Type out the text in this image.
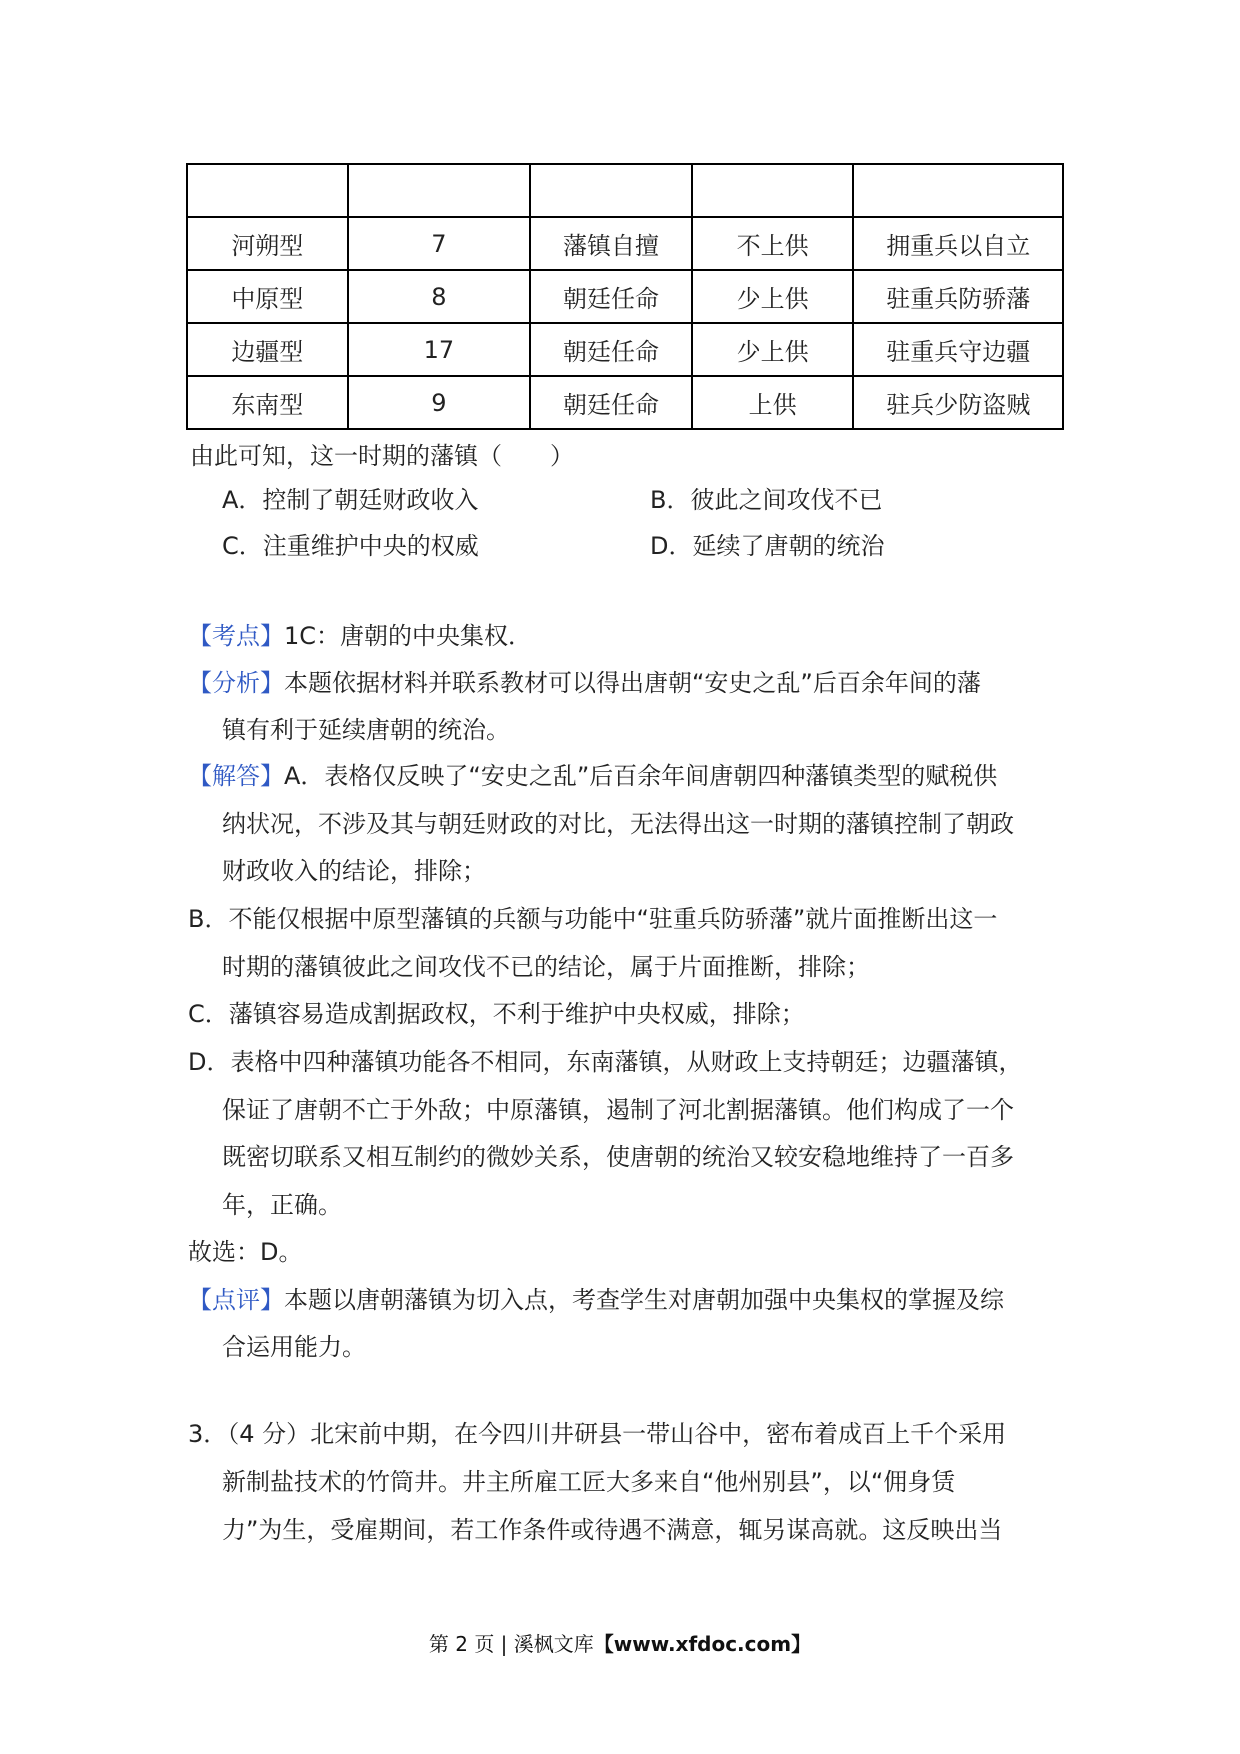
河朔型	7	藩镇自擅	不上供	拥重兵以自立
中原型	8	朝廷任命	少上供	驻重兵防骄藩
边疆型	17	朝廷任命	少上供	驻重兵守边疆
东南型	9	朝廷任命	上供	驻兵少防盗贼
由此可知，这一时期的藩镇（　　）
A．控制了朝廷财政收入	B．彼此之间攻伐不已
C．注重维护中央的权威	D．延续了唐朝的统治
【考点】1C：唐朝的中央集权．
【分析】本题依据材料并联系教材可以得出唐朝“安史之乱”后百余年间的藩
镇有利于延续唐朝的统治。
【解答】A．表格仅反映了“安史之乱”后百余年间唐朝四种藩镇类型的赋税供
纳状况，不涉及其与朝廷财政的对比，无法得出这一时期的藩镇控制了朝政
财政收入的结论，排除；
B．不能仅根据中原型藩镇的兵额与功能中“驻重兵防骄藩”就片面推断出这一
时期的藩镇彼此之间攻伐不已的结论，属于片面推断，排除；
C．藩镇容易造成割据政权，不利于维护中央权威，排除；
D．表格中四种藩镇功能各不相同，东南藩镇，从财政上支持朝廷；边疆藩镇，
保证了唐朝不亡于外敌；中原藩镇，遏制了河北割据藩镇。他们构成了一个
既密切联系又相互制约的微妙关系，使唐朝的统治又较安稳地维持了一百多
年，正确。
故选：D。
【点评】本题以唐朝藩镇为切入点，考查学生对唐朝加强中央集权的掌握及综
合运用能力。
3．（4 分）北宋前中期，在今四川井研县一带山谷中，密布着成百上千个采用
新制盐技术的竹筒井。井主所雇工匠大多来自“他州别县”，以“佣身赁
力”为生，受雇期间，若工作条件或待遇不满意，辄另谋高就。这反映出当
第 2 页 | 溪枫文库【www.xfdoc.com】
